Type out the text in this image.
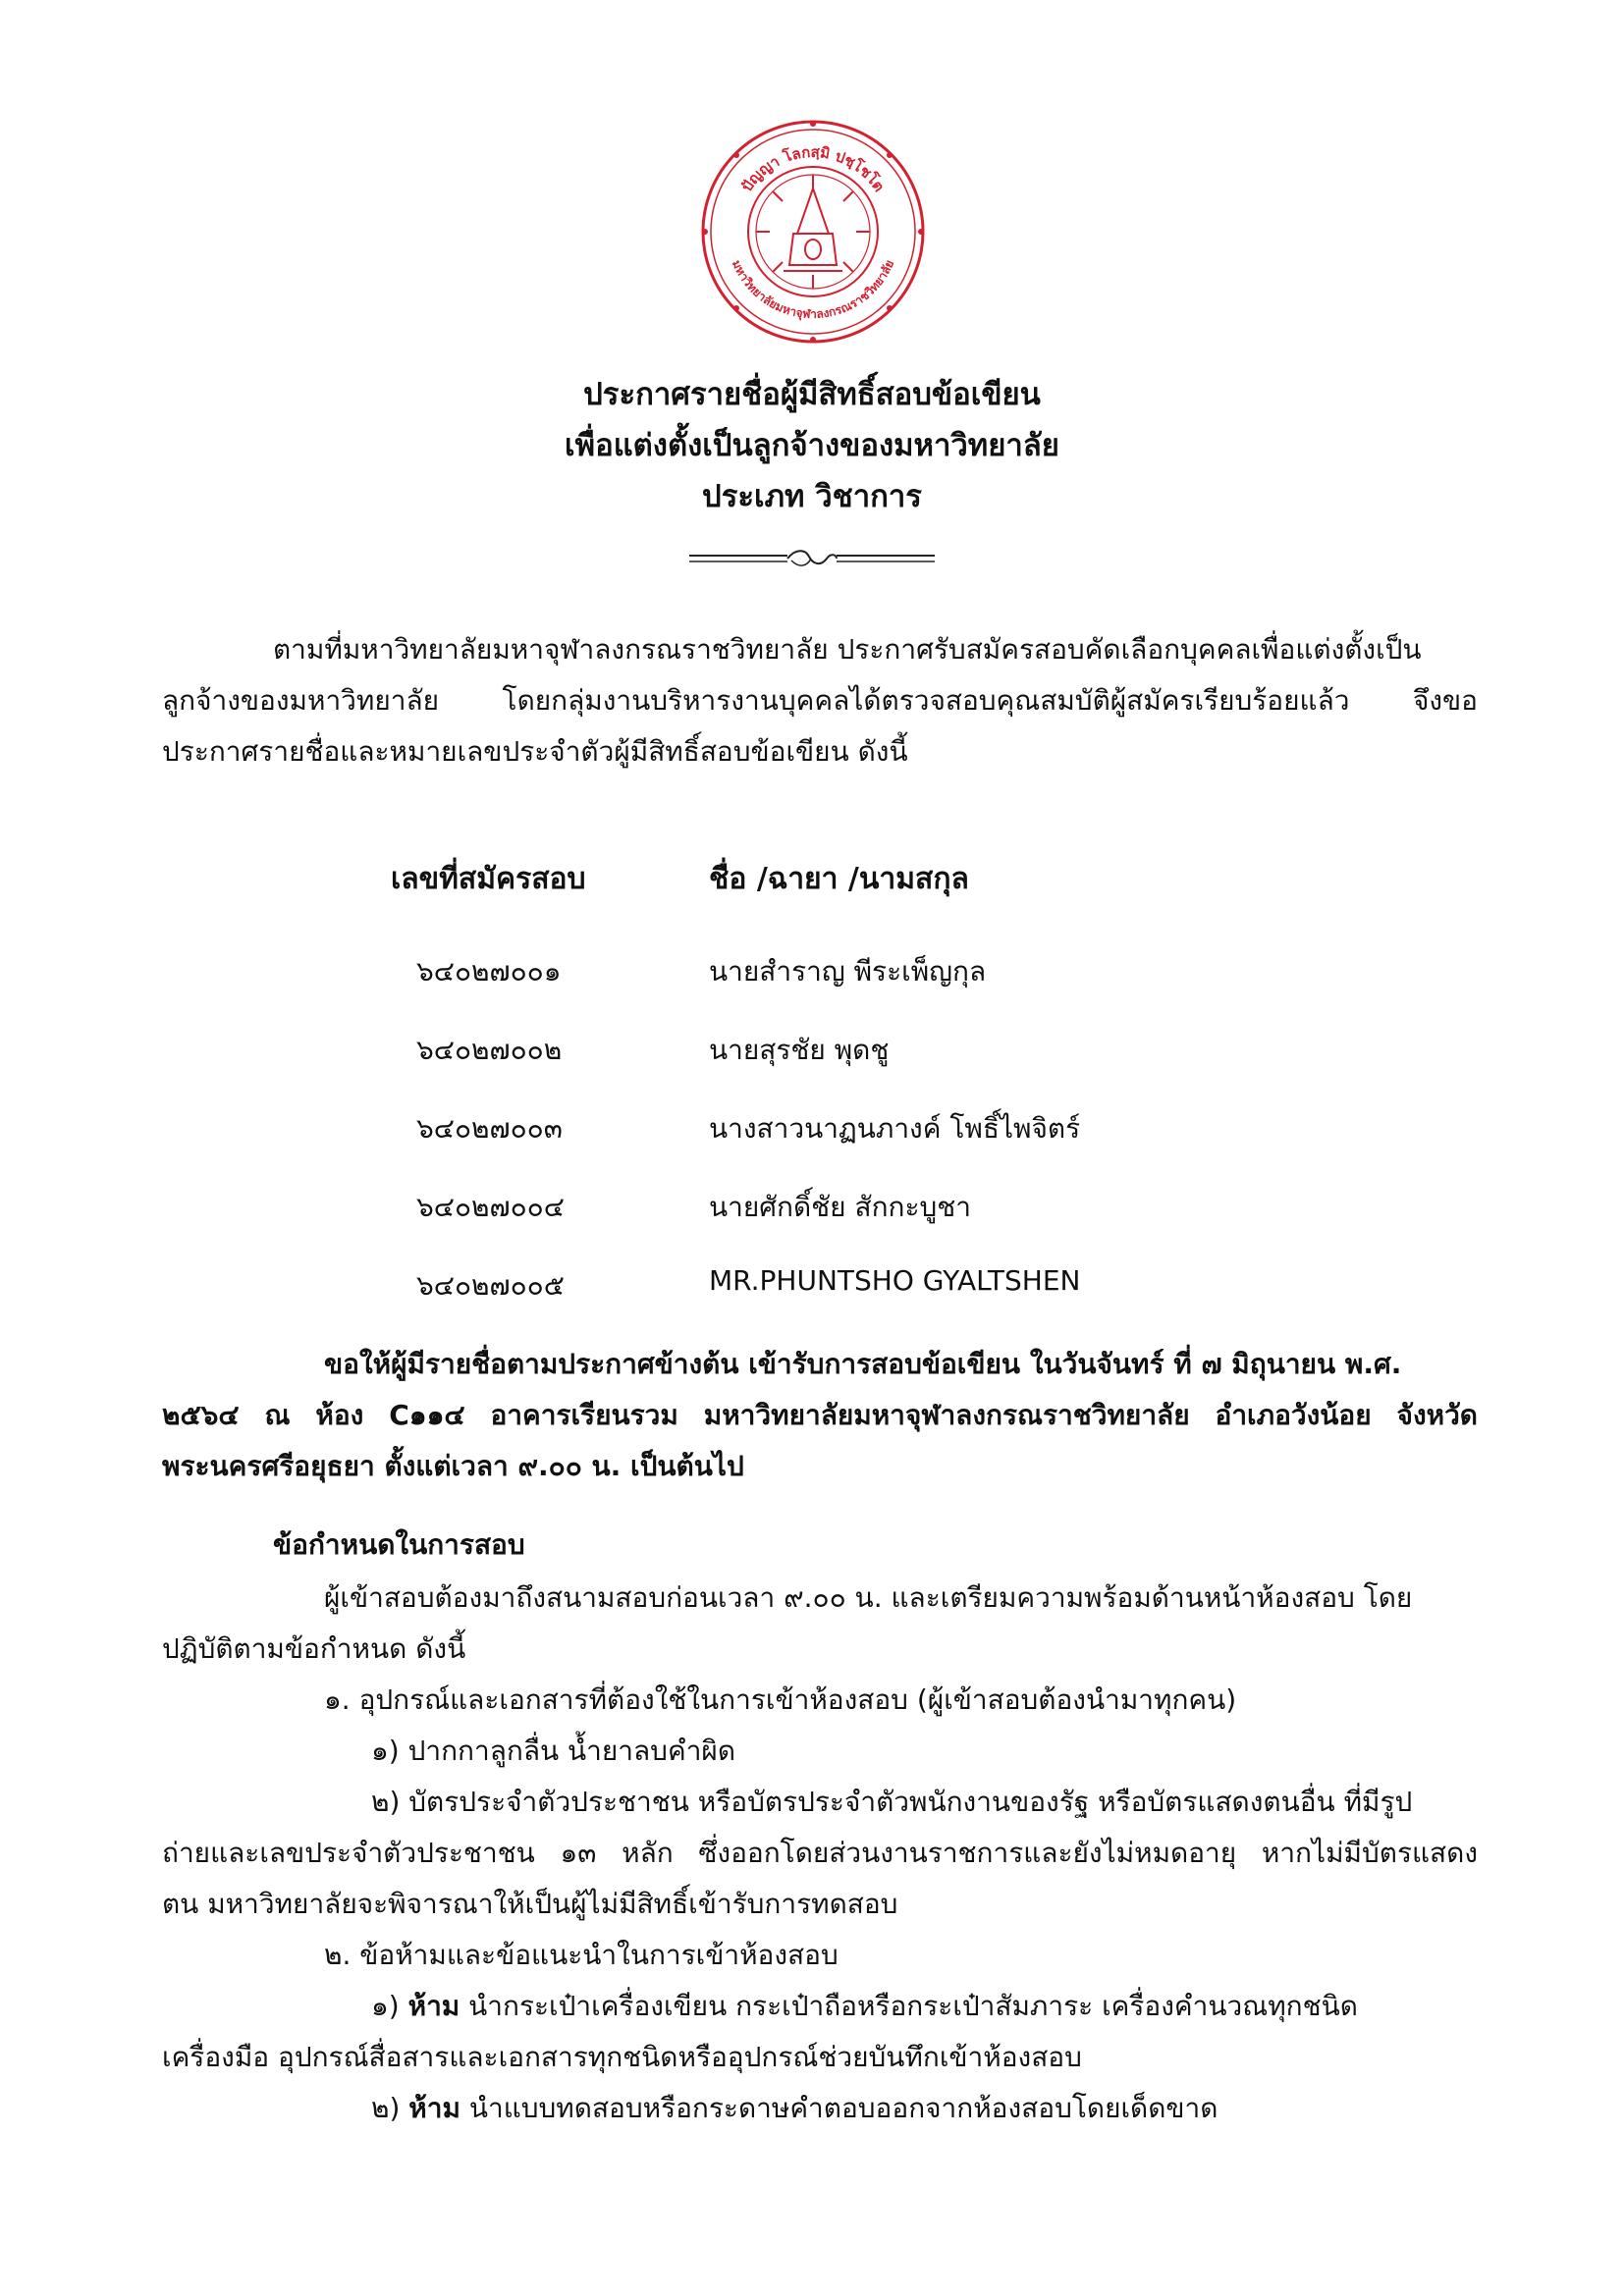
ปัญญา โลกสฺมิ ปชฺโชโต
มหาวิทยาลัยมหาจุฬาลงกรณราชวิทยาลัย
ประกาศรายชื่อผู้มีสิทธิ์สอบข้อเขียน
เพื่อแต่งตั้งเป็นลูกจ้างของมหาวิทยาลัย
ประเภท วิชาการ
ตามที่มหาวิทยาลัยมหาจุฬาลงกรณราชวิทยาลัย ประกาศรับสมัครสอบคัดเลือกบุคคลเพื่อแต่งตั้งเป็น
ลูกจ้างของมหาวิทยาลัย โดยกลุ่มงานบริหารงานบุคคลได้ตรวจสอบคุณสมบัติผู้สมัครเรียบร้อยแล้ว จึงขอ
ประกาศรายชื่อและหมายเลขประจำตัวผู้มีสิทธิ์สอบข้อเขียน ดังนี้
เลขที่สมัครสอบ	ชื่อ /ฉายา /นามสกุล
๖๔๐๒๗๐๐๑	นายสำราญ พีระเพ็ญกุล
๖๔๐๒๗๐๐๒	นายสุรชัย พุดชู
๖๔๐๒๗๐๐๓	นางสาวนาฏนภางค์ โพธิ์ไพจิตร์
๖๔๐๒๗๐๐๔	นายศักดิ์ชัย สักกะบูชา
๖๔๐๒๗๐๐๕	MR.PHUNTSHO GYALTSHEN
ขอให้ผู้มีรายชื่อตามประกาศข้างต้น เข้ารับการสอบข้อเขียน ในวันจันทร์ ที่ ๗ มิถุนายน พ.ศ.
๒๕๖๔ ณ ห้อง C๑๑๔ อาคารเรียนรวม มหาวิทยาลัยมหาจุฬาลงกรณราชวิทยาลัย อำเภอวังน้อย จังหวัด
พระนครศรีอยุธยา ตั้งแต่เวลา ๙.๐๐ น. เป็นต้นไป
ข้อกำหนดในการสอบ
ผู้เข้าสอบต้องมาถึงสนามสอบก่อนเวลา ๙.๐๐ น. และเตรียมความพร้อมด้านหน้าห้องสอบ โดย
ปฏิบัติตามข้อกำหนด ดังนี้
๑. อุปกรณ์และเอกสารที่ต้องใช้ในการเข้าห้องสอบ (ผู้เข้าสอบต้องนำมาทุกคน)
๑) ปากกาลูกลื่น น้ำยาลบคำผิด
๒) บัตรประจำตัวประชาชน หรือบัตรประจำตัวพนักงานของรัฐ หรือบัตรแสดงตนอื่น ที่มีรูป
ถ่ายและเลขประจำตัวประชาชน ๑๓ หลัก ซึ่งออกโดยส่วนงานราชการและยังไม่หมดอายุ หากไม่มีบัตรแสดง
ตน มหาวิทยาลัยจะพิจารณาให้เป็นผู้ไม่มีสิทธิ์เข้ารับการทดสอบ
๒. ข้อห้ามและข้อแนะนำในการเข้าห้องสอบ
๑) ห้าม นำกระเป๋าเครื่องเขียน กระเป๋าถือหรือกระเป๋าสัมภาระ เครื่องคำนวณทุกชนิด
เครื่องมือ อุปกรณ์สื่อสารและเอกสารทุกชนิดหรืออุปกรณ์ช่วยบันทึกเข้าห้องสอบ
๒) ห้าม นำแบบทดสอบหรือกระดาษคำตอบออกจากห้องสอบโดยเด็ดขาด
